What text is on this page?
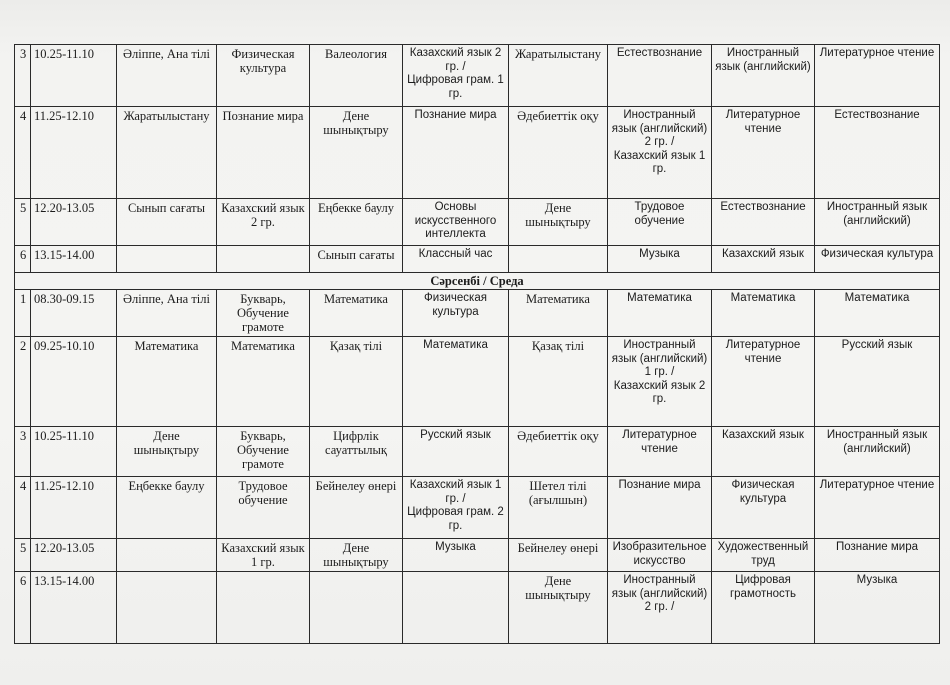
3	10.25-11.10	Әліппе, Ана тілі	Физическая культура	Валеология	Казахский язык 2 гр. /
Цифровая грам. 1 гр.	Жаратылыстану	Естествознание	Иностранный язык (английский)	Литературное чтение

4	11.25-12.10	Жаратылыстану	Познание мира	Дене шынықтыру	Познание мира	Әдебиеттік оқу	Иностранный язык (английский) 2 гр. /
Казахский язык 1 гр.	Литературное чтение	Естествознание

5	12.20-13.05	Сынып сағаты	Казахский язык 2 гр.	Еңбекке баулу	Основы искусственного интеллекта	Дене шынықтыру	Трудовое обучение	Естествознание	Иностранный язык (английский)

6	13.15-14.00			Сынып сағаты	Классный час		Музыка	Казахский язык	Физическая культура

Сәрсенбі / Среда									
1	08.30-09.15	Әліппе, Ана тілі	Букварь, Обучение грамоте	Математика	Физическая культура	Математика	Математика	Математика	Математика

2	09.25-10.10	Математика	Математика	Қазақ тілі	Математика	Қазақ тілі	Иностранный язык (английский) 1 гр. /
Казахский язык 2 гр.	Литературное чтение	Русский язык

3	10.25-11.10	Дене шынықтыру	Букварь, Обучение грамоте	Цифрлік сауаттылық	Русский язык	Әдебиеттік оқу	Литературное чтение	Казахский язык	Иностранный язык (английский)

4	11.25-12.10	Еңбекке баулу	Трудовое обучение	Бейнелеу өнері	Казахский язык 1 гр. /
Цифровая грам. 2 гр.	Шетел тілі (ағылшын)	Познание мира	Физическая культура	Литературное чтение

5	12.20-13.05		Казахский язык 1 гр.	Дене шынықтыру	Музыка	Бейнелеу өнері	Изобразительное искусство	Художественный труд	Познание мира

6	13.15-14.00					Дене шынықтыру	Иностранный язык (английский) 2 гр. /	Цифровая грамотность	Музыка
